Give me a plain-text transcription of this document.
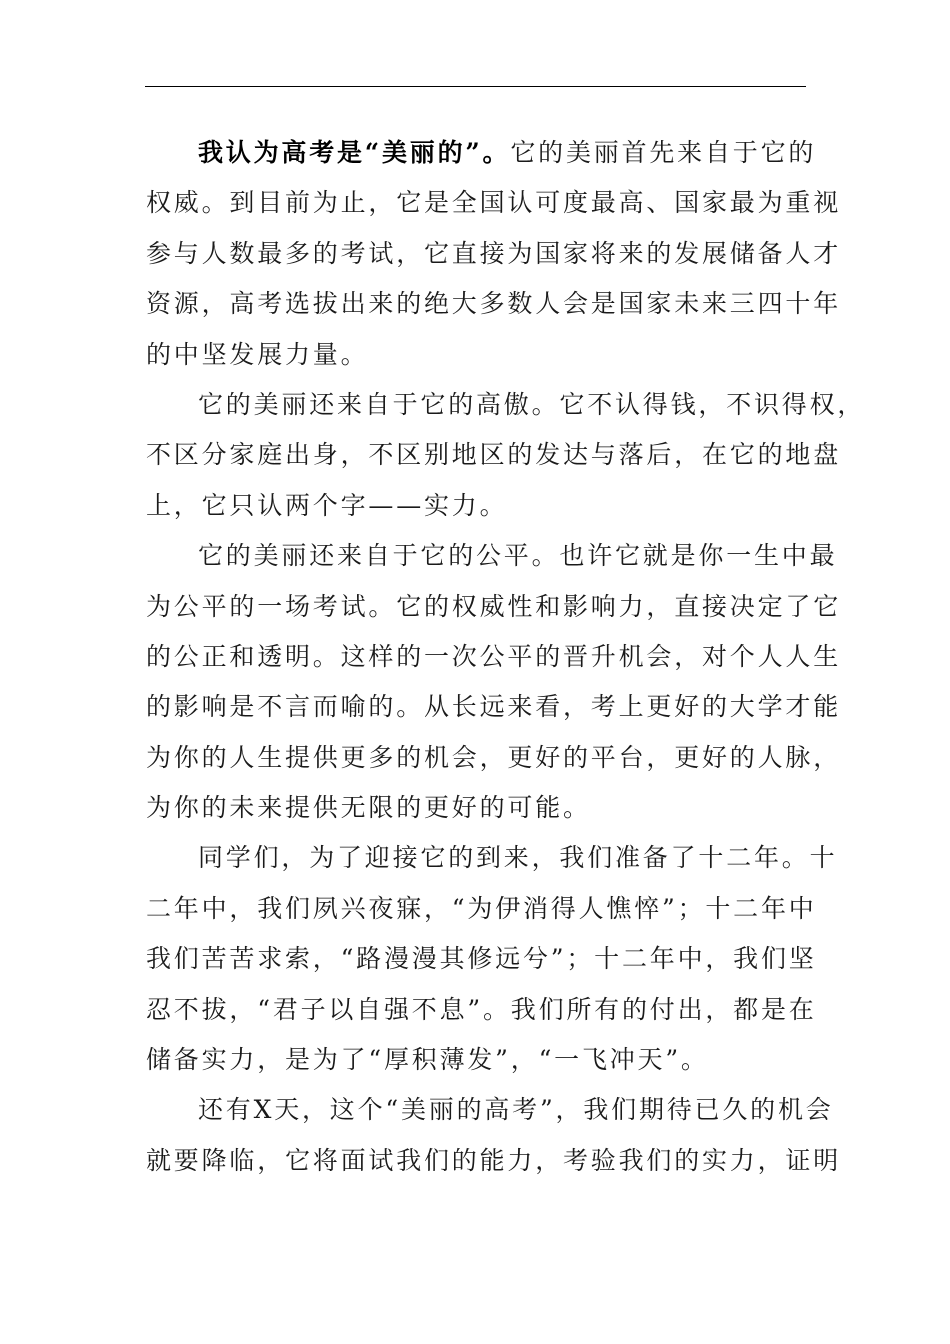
我认为高考是“美丽的”。它的美丽首先来自于它的
权威。到目前为止，它是全国认可度最高、国家最为重视
参与人数最多的考试，它直接为国家将来的发展储备人才
资源，高考选拔出来的绝大多数人会是国家未来三四十年
的中坚发展力量。
它的美丽还来自于它的高傲。它不认得钱，不识得权，
不区分家庭出身，不区别地区的发达与落后，在它的地盘
上，它只认两个字——实力。
它的美丽还来自于它的公平。也许它就是你一生中最
为公平的一场考试。它的权威性和影响力，直接决定了它
的公正和透明。这样的一次公平的晋升机会，对个人人生
的影响是不言而喻的。从长远来看，考上更好的大学才能
为你的人生提供更多的机会，更好的平台，更好的人脉，
为你的未来提供无限的更好的可能。
同学们，为了迎接它的到来，我们准备了十二年。十
二年中，我们夙兴夜寐，“为伊消得人憔悴”；十二年中
我们苦苦求索，“路漫漫其修远兮”；十二年中，我们坚
忍不拔，“君子以自强不息”。我们所有的付出，都是在
储备实力，是为了“厚积薄发”，“一飞冲天”。
还有X天，这个“美丽的高考”，我们期待已久的机会
就要降临，它将面试我们的能力，考验我们的实力，证明
